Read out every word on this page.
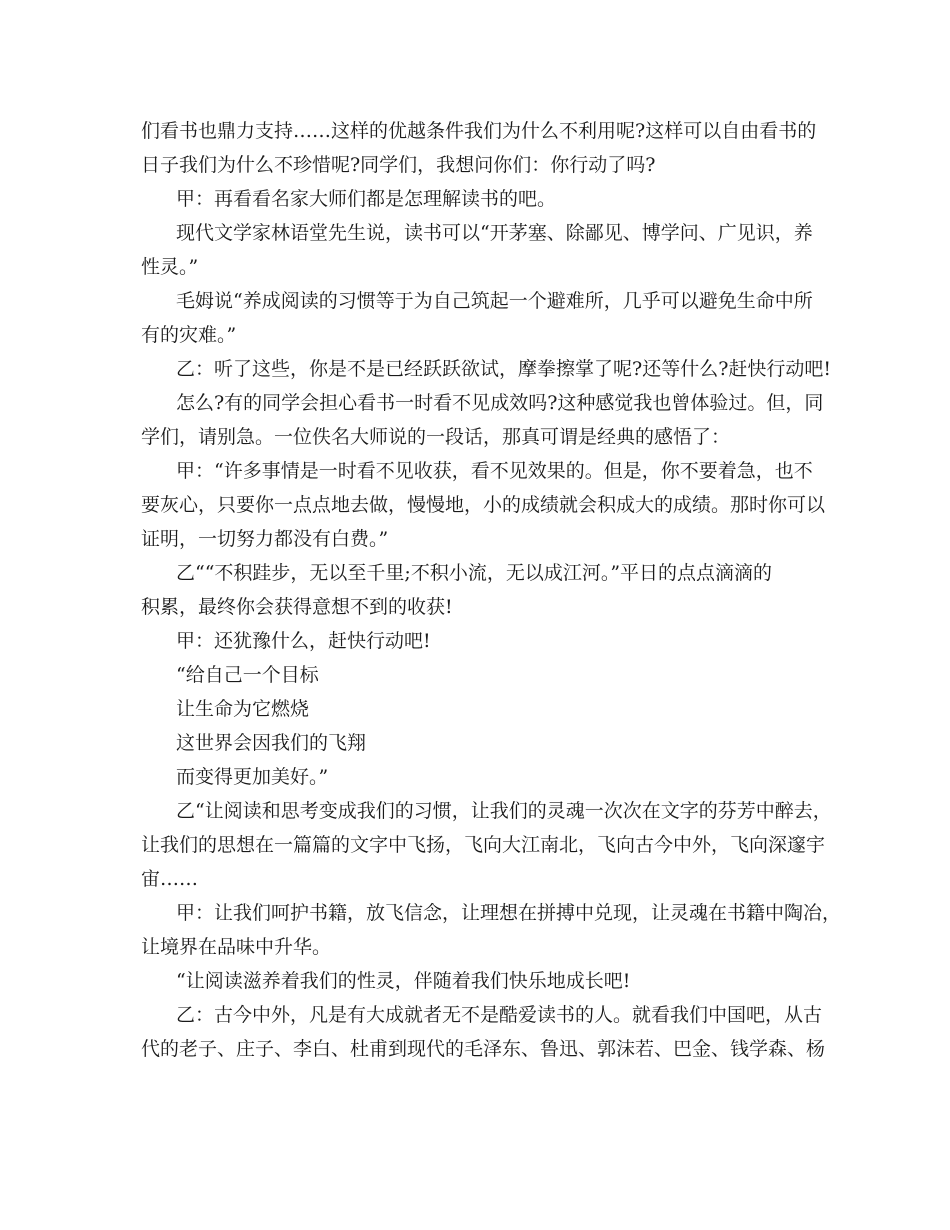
们看书也鼎力支持……这样的优越条件我们为什么不利用呢?这样可以自由看书的
日子我们为什么不珍惜呢?同学们，我想问你们：你行动了吗?
甲：再看看名家大师们都是怎理解读书的吧。
现代文学家林语堂先生说，读书可以“开茅塞、除鄙见、博学问、广见识，养
性灵。”
毛姆说“养成阅读的习惯等于为自己筑起一个避难所，几乎可以避免生命中所
有的灾难。”
乙：听了这些，你是不是已经跃跃欲试，摩拳擦掌了呢?还等什么?赶快行动吧!
怎么?有的同学会担心看书一时看不见成效吗?这种感觉我也曾体验过。但，同
学们，请别急。一位佚名大师说的一段话，那真可谓是经典的感悟了：
甲：“许多事情是一时看不见收获，看不见效果的。但是，你不要着急，也不
要灰心，只要你一点点地去做，慢慢地，小的成绩就会积成大的成绩。那时你可以
证明，一切努力都没有白费。”
乙““不积跬步，无以至千里;不积小流，无以成江河。”平日的点点滴滴的
积累，最终你会获得意想不到的收获!
甲：还犹豫什么，赶快行动吧!
“给自己一个目标
让生命为它燃烧
这世界会因我们的飞翔
而变得更加美好。”
乙“让阅读和思考变成我们的习惯，让我们的灵魂一次次在文字的芬芳中醉去，
让我们的思想在一篇篇的文字中飞扬，飞向大江南北，飞向古今中外，飞向深邃宇
宙……
甲：让我们呵护书籍，放飞信念，让理想在拼搏中兑现，让灵魂在书籍中陶冶，
让境界在品味中升华。
“让阅读滋养着我们的性灵，伴随着我们快乐地成长吧!
乙：古今中外，凡是有大成就者无不是酷爱读书的人。就看我们中国吧，从古
代的老子、庄子、李白、杜甫到现代的毛泽东、鲁迅、郭沫若、巴金、钱学森、杨
